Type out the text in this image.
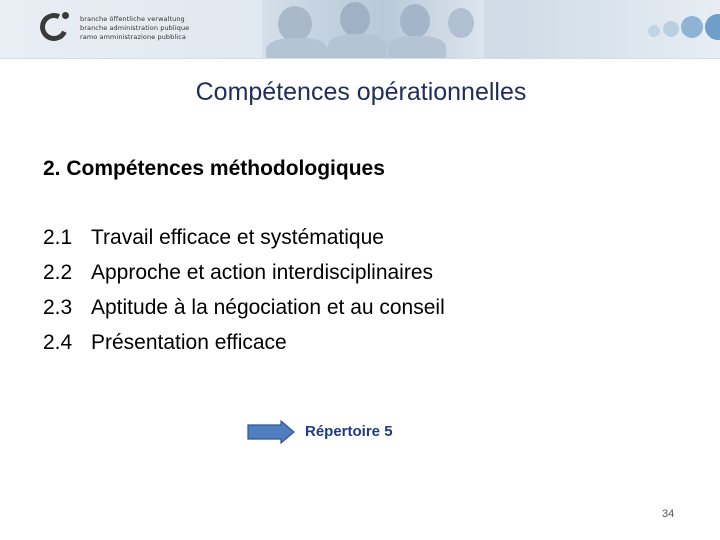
branche öffentliche verwaltung
branche administration publique
ramo amministrazione pubblica
Compétences opérationnelles
2. Compétences méthodologiques
2.1 Travail efficace et systématique
2.2 Approche et action interdisciplinaires
2.3 Aptitude à la négociation et au conseil
2.4 Présentation efficace
Répertoire 5
34
